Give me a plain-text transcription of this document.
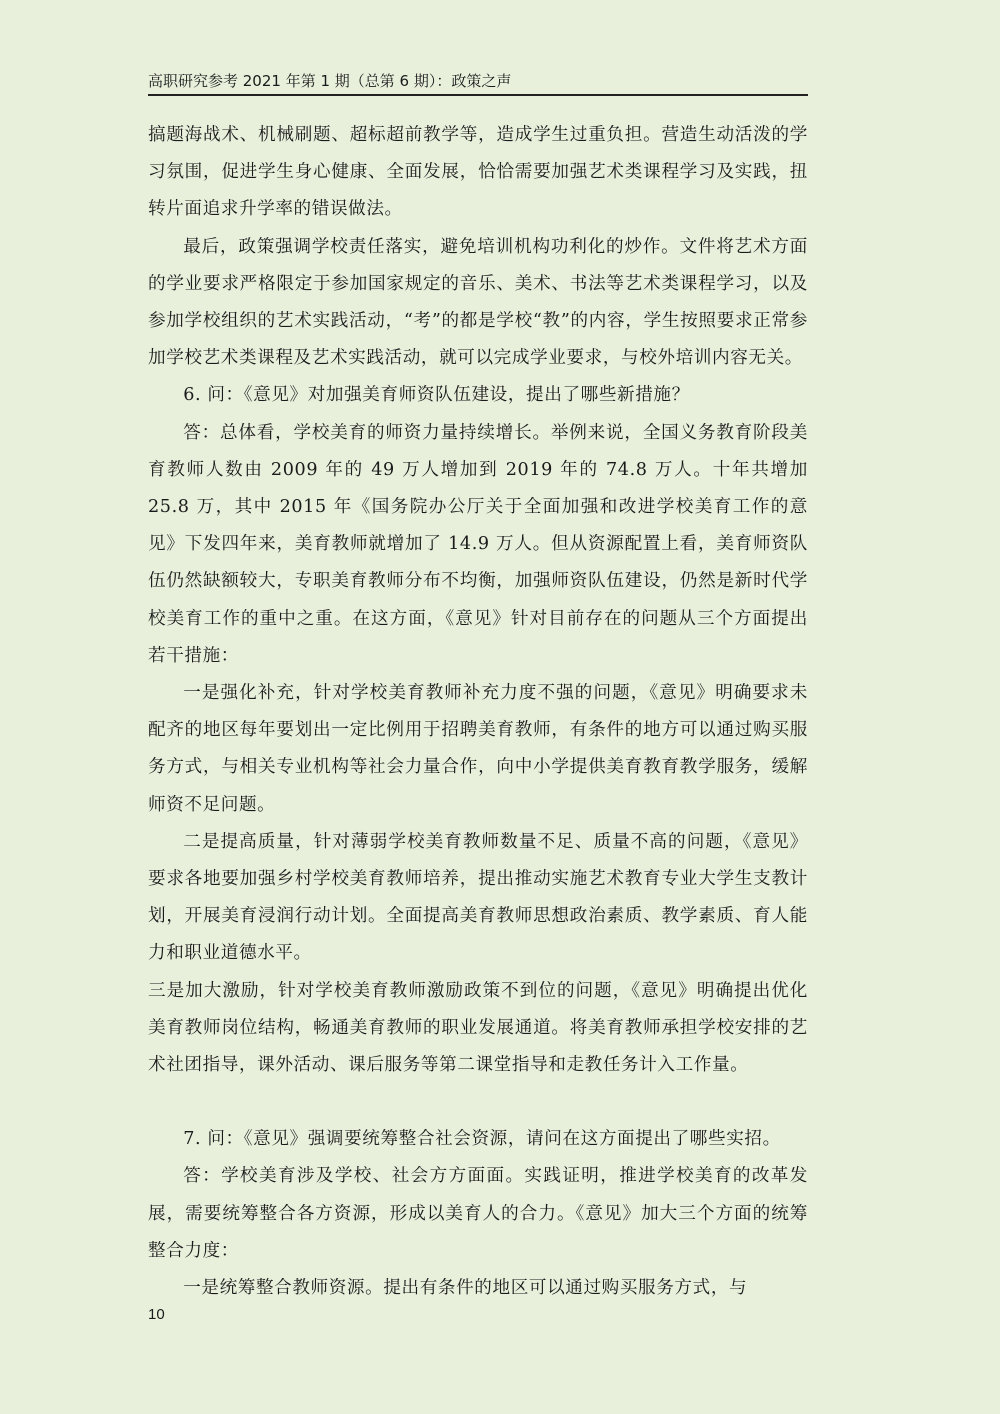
高职研究参考 2021 年第 1 期（总第 6 期）：政策之声

搞题海战术、机械刷题、超标超前教学等，造成学生过重负担。营造生动活泼的学习氛围，促进学生身心健康、全面发展，恰恰需要加强艺术类课程学习及实践，扭转片面追求升学率的错误做法。

最后，政策强调学校责任落实，避免培训机构功利化的炒作。文件将艺术方面的学业要求严格限定于参加国家规定的音乐、美术、书法等艺术类课程学习，以及参加学校组织的艺术实践活动，“考”的都是学校“教”的内容，学生按照要求正常参加学校艺术类课程及艺术实践活动，就可以完成学业要求，与校外培训内容无关。

6. 问：《意见》对加强美育师资队伍建设，提出了哪些新措施？

答：总体看，学校美育的师资力量持续增长。举例来说，全国义务教育阶段美育教师人数由 2009 年的 49 万人增加到 2019 年的 74.8 万人。十年共增加 25.8 万，其中 2015 年《国务院办公厅关于全面加强和改进学校美育工作的意见》下发四年来，美育教师就增加了 14.9 万人。但从资源配置上看，美育师资队伍仍然缺额较大，专职美育教师分布不均衡，加强师资队伍建设，仍然是新时代学校美育工作的重中之重。在这方面，《意见》针对目前存在的问题从三个方面提出若干措施：

一是强化补充，针对学校美育教师补充力度不强的问题，《意见》明确要求未配齐的地区每年要划出一定比例用于招聘美育教师，有条件的地方可以通过购买服务方式，与相关专业机构等社会力量合作，向中小学提供美育教育教学服务，缓解师资不足问题。

二是提高质量，针对薄弱学校美育教师数量不足、质量不高的问题，《意见》要求各地要加强乡村学校美育教师培养，提出推动实施艺术教育专业大学生支教计划，开展美育浸润行动计划。全面提高美育教师思想政治素质、教学素质、育人能力和职业道德水平。

三是加大激励，针对学校美育教师激励政策不到位的问题，《意见》明确提出优化美育教师岗位结构，畅通美育教师的职业发展通道。将美育教师承担学校安排的艺术社团指导，课外活动、课后服务等第二课堂指导和走教任务计入工作量。

7. 问：《意见》强调要统筹整合社会资源，请问在这方面提出了哪些实招。

答：学校美育涉及学校、社会方方面面。实践证明，推进学校美育的改革发展，需要统筹整合各方资源，形成以美育人的合力。《意见》加大三个方面的统筹整合力度：

一是统筹整合教师资源。提出有条件的地区可以通过购买服务方式，与

10
